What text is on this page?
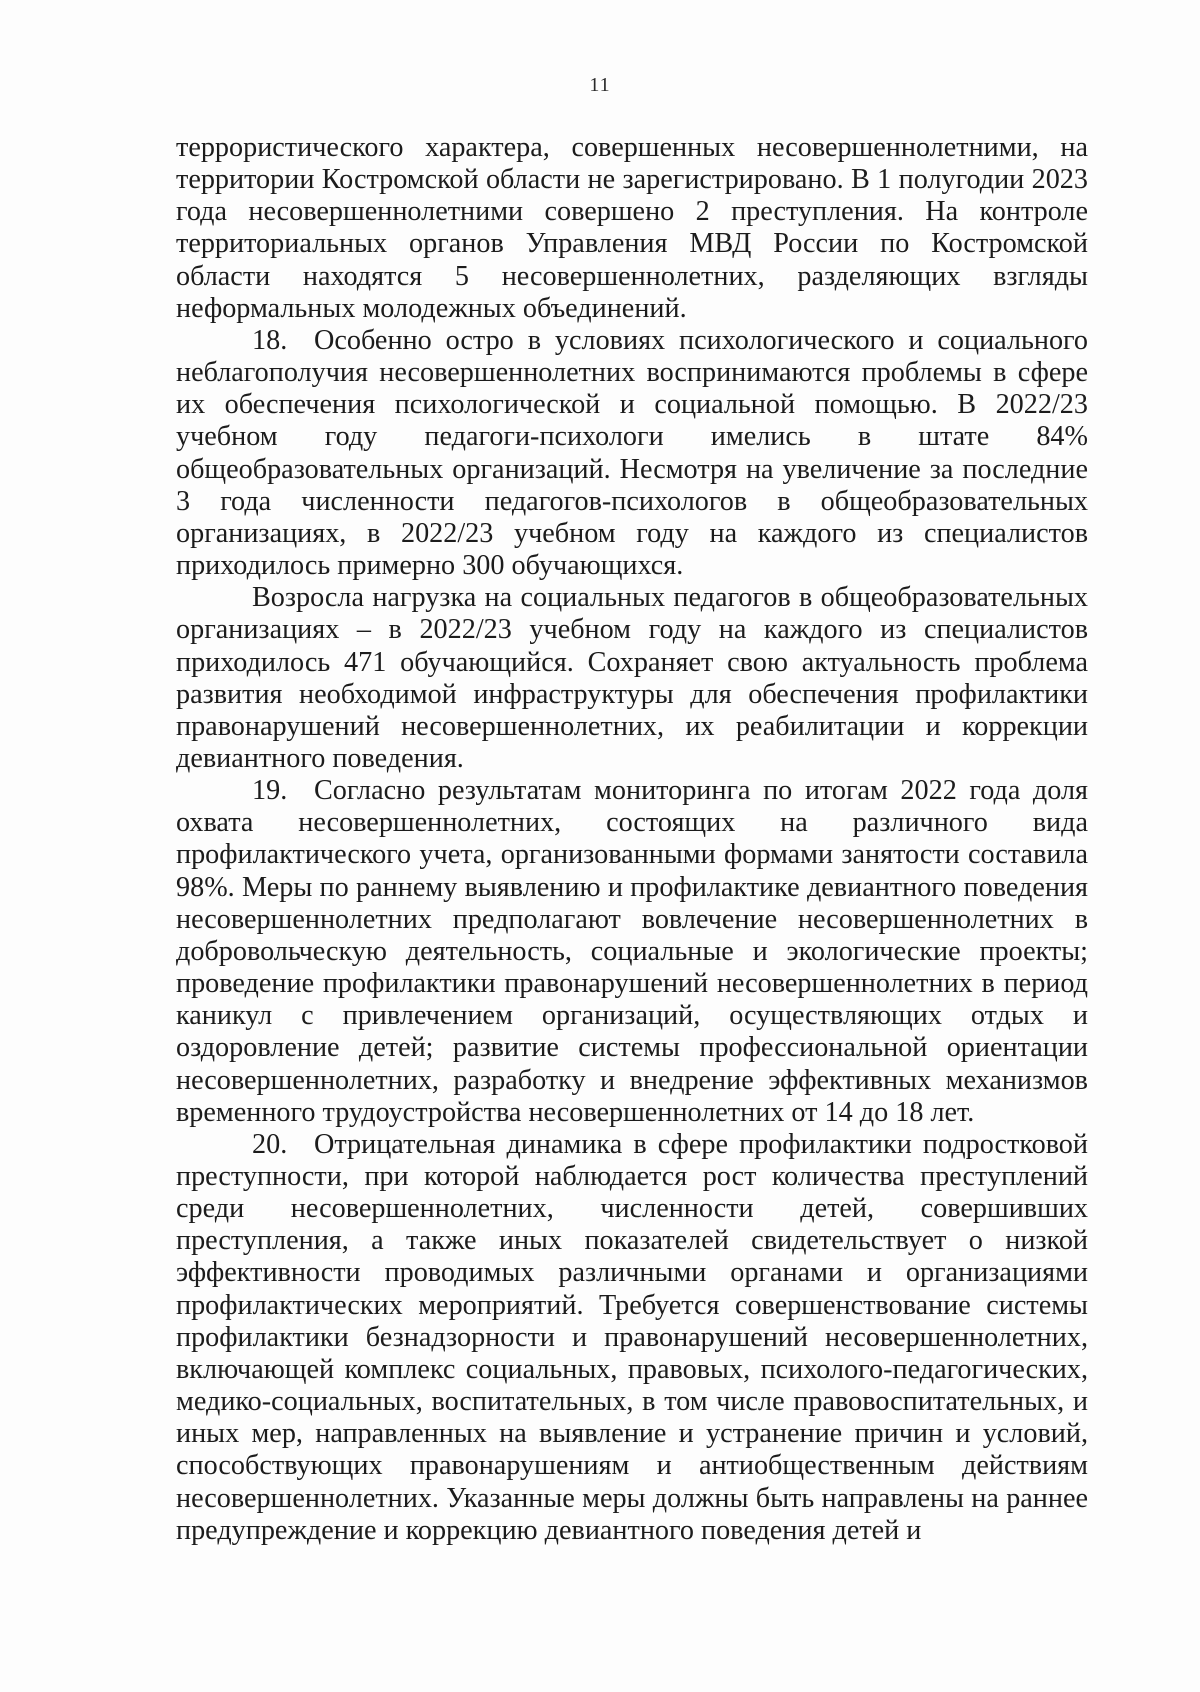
11

террористического характера, совершенных несовершеннолетними, на территории Костромской области не зарегистрировано. В 1 полугодии 2023 года несовершеннолетними совершено 2 преступления. На контроле территориальных органов Управления МВД России по Костромской области находятся 5 несовершеннолетних, разделяющих взгляды неформальных молодежных объединений.

18. Особенно остро в условиях психологического и социального неблагополучия несовершеннолетних воспринимаются проблемы в сфере их обеспечения психологической и социальной помощью. В 2022/23 учебном году педагоги-психологи имелись в штате 84% общеобразовательных организаций. Несмотря на увеличение за последние 3 года численности педагогов-психологов в общеобразовательных организациях, в 2022/23 учебном году на каждого из специалистов приходилось примерно 300 обучающихся.

Возросла нагрузка на социальных педагогов в общеобразовательных организациях – в 2022/23 учебном году на каждого из специалистов приходилось 471 обучающийся. Сохраняет свою актуальность проблема развития необходимой инфраструктуры для обеспечения профилактики правонарушений несовершеннолетних, их реабилитации и коррекции девиантного поведения.

19. Согласно результатам мониторинга по итогам 2022 года доля охвата несовершеннолетних, состоящих на различного вида профилактического учета, организованными формами занятости составила 98%. Меры по раннему выявлению и профилактике девиантного поведения несовершеннолетних предполагают вовлечение несовершеннолетних в добровольческую деятельность, социальные и экологические проекты; проведение профилактики правонарушений несовершеннолетних в период каникул с привлечением организаций, осуществляющих отдых и оздоровление детей; развитие системы профессиональной ориентации несовершеннолетних, разработку и внедрение эффективных механизмов временного трудоустройства несовершеннолетних от 14 до 18 лет.

20. Отрицательная динамика в сфере профилактики подростковой преступности, при которой наблюдается рост количества преступлений среди несовершеннолетних, численности детей, совершивших преступления, а также иных показателей свидетельствует о низкой эффективности проводимых различными органами и организациями профилактических мероприятий. Требуется совершенствование системы профилактики безнадзорности и правонарушений несовершеннолетних, включающей комплекс социальных, правовых, психолого-педагогических, медико-социальных, воспитательных, в том числе правовоспитательных, и иных мер, направленных на выявление и устранение причин и условий, способствующих правонарушениям и антиобщественным действиям несовершеннолетних. Указанные меры должны быть направлены на раннее предупреждение и коррекцию девиантного поведения детей и
